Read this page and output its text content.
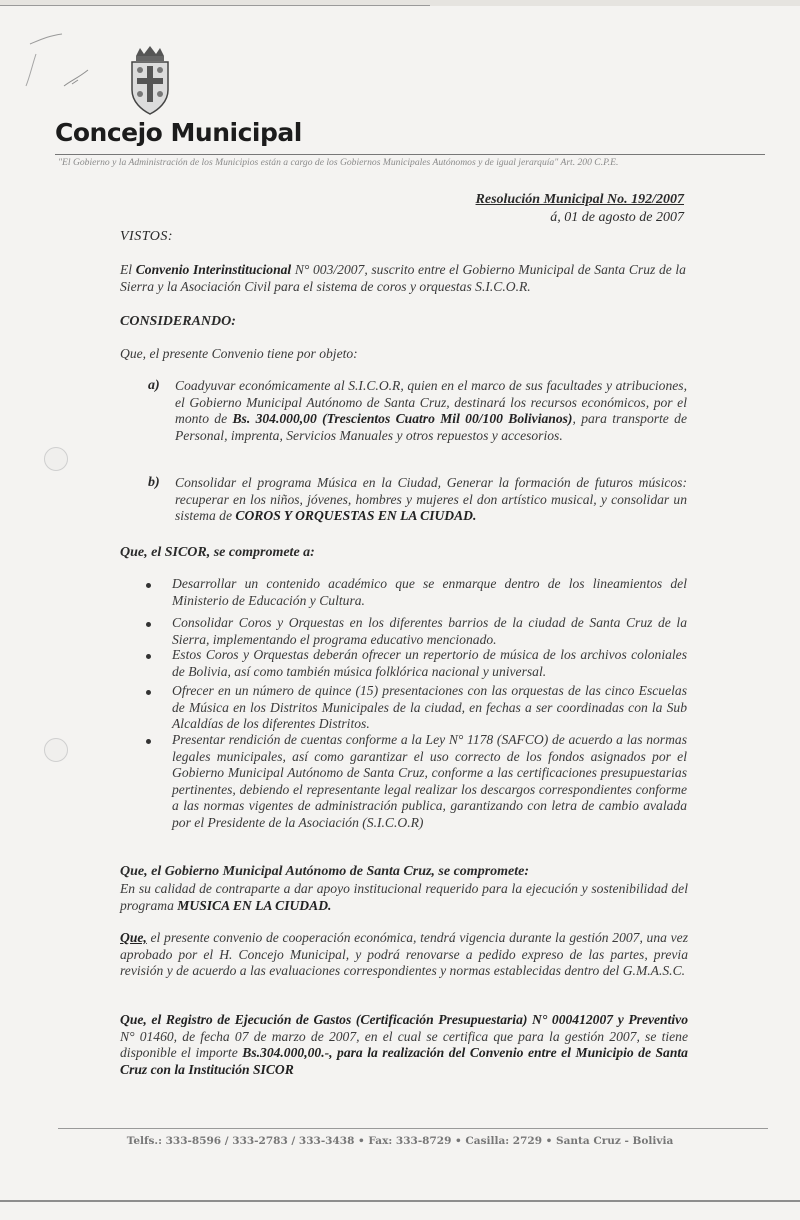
Concejo Municipal
"El Gobierno y la Administración de los Municipios están a cargo de los Gobiernos Municipales Autónomos y de igual jerarquía" Art. 200 C.P.E.
Resolución Municipal No. 192/2007
á, 01 de agosto de 2007
VISTOS:
El Convenio Interinstitucional N° 003/2007, suscrito entre el Gobierno Municipal de Santa Cruz de la Sierra y la Asociación Civil para el sistema de coros y orquestas S.I.C.O.R.
CONSIDERANDO:
Que, el presente Convenio tiene por objeto:
a) Coadyuvar económicamente al S.I.C.O.R, quien en el marco de sus facultades y atribuciones, el Gobierno Municipal Autónomo de Santa Cruz, destinará los recursos económicos, por el monto de Bs. 304.000,00 (Trescientos Cuatro Mil 00/100 Bolivianos), para transporte de Personal, imprenta, Servicios Manuales y otros repuestos y accesorios.
b) Consolidar el programa Música en la Ciudad, Generar la formación de futuros músicos: recuperar en los niños, jóvenes, hombres y mujeres el don artístico musical, y consolidar un sistema de COROS Y ORQUESTAS EN LA CIUDAD.
Que, el SICOR, se compromete a:
Desarrollar un contenido académico que se enmarque dentro de los lineamientos del Ministerio de Educación y Cultura.
Consolidar Coros y Orquestas en los diferentes barrios de la ciudad de Santa Cruz de la Sierra, implementando el programa educativo mencionado.
Estos Coros y Orquestas deberán ofrecer un repertorio de música de los archivos coloniales de Bolivia, así como también música folklórica nacional y universal.
Ofrecer en un número de quince (15) presentaciones con las orquestas de las cinco Escuelas de Música en los Distritos Municipales de la ciudad, en fechas a ser coordinadas con la Sub Alcaldías de los diferentes Distritos.
Presentar rendición de cuentas conforme a la Ley N° 1178 (SAFCO) de acuerdo a las normas legales municipales, así como garantizar el uso correcto de los fondos asignados por el Gobierno Municipal Autónomo de Santa Cruz, conforme a las certificaciones presupuestarias pertinentes, debiendo el representante legal realizar los descargos correspondientes conforme a las normas vigentes de administración publica, garantizando con letra de cambio avalada por el Presidente de la Asociación (S.I.C.O.R)
Que, el Gobierno Municipal Autónomo de Santa Cruz, se compromete:
En su calidad de contraparte a dar apoyo institucional requerido para la ejecución y sostenibilidad del programa MUSICA EN LA CIUDAD.
Que, el presente convenio de cooperación económica, tendrá vigencia durante la gestión 2007, una vez aprobado por el H. Concejo Municipal, y podrá renovarse a pedido expreso de las partes, previa revisión y de acuerdo a las evaluaciones correspondientes y normas establecidas dentro del G.M.A.S.C.
Que, el Registro de Ejecución de Gastos (Certificación Presupuestaria) N° 000412007 y Preventivo N° 01460, de fecha 07 de marzo de 2007, en el cual se certifica que para la gestión 2007, se tiene disponible el importe Bs.304.000,00.-, para la realización del Convenio entre el Municipio de Santa Cruz con la Institución SICOR
Telfs.: 333-8596 / 333-2783 / 333-3438 • Fax: 333-8729 • Casilla: 2729 • Santa Cruz - Bolivia
